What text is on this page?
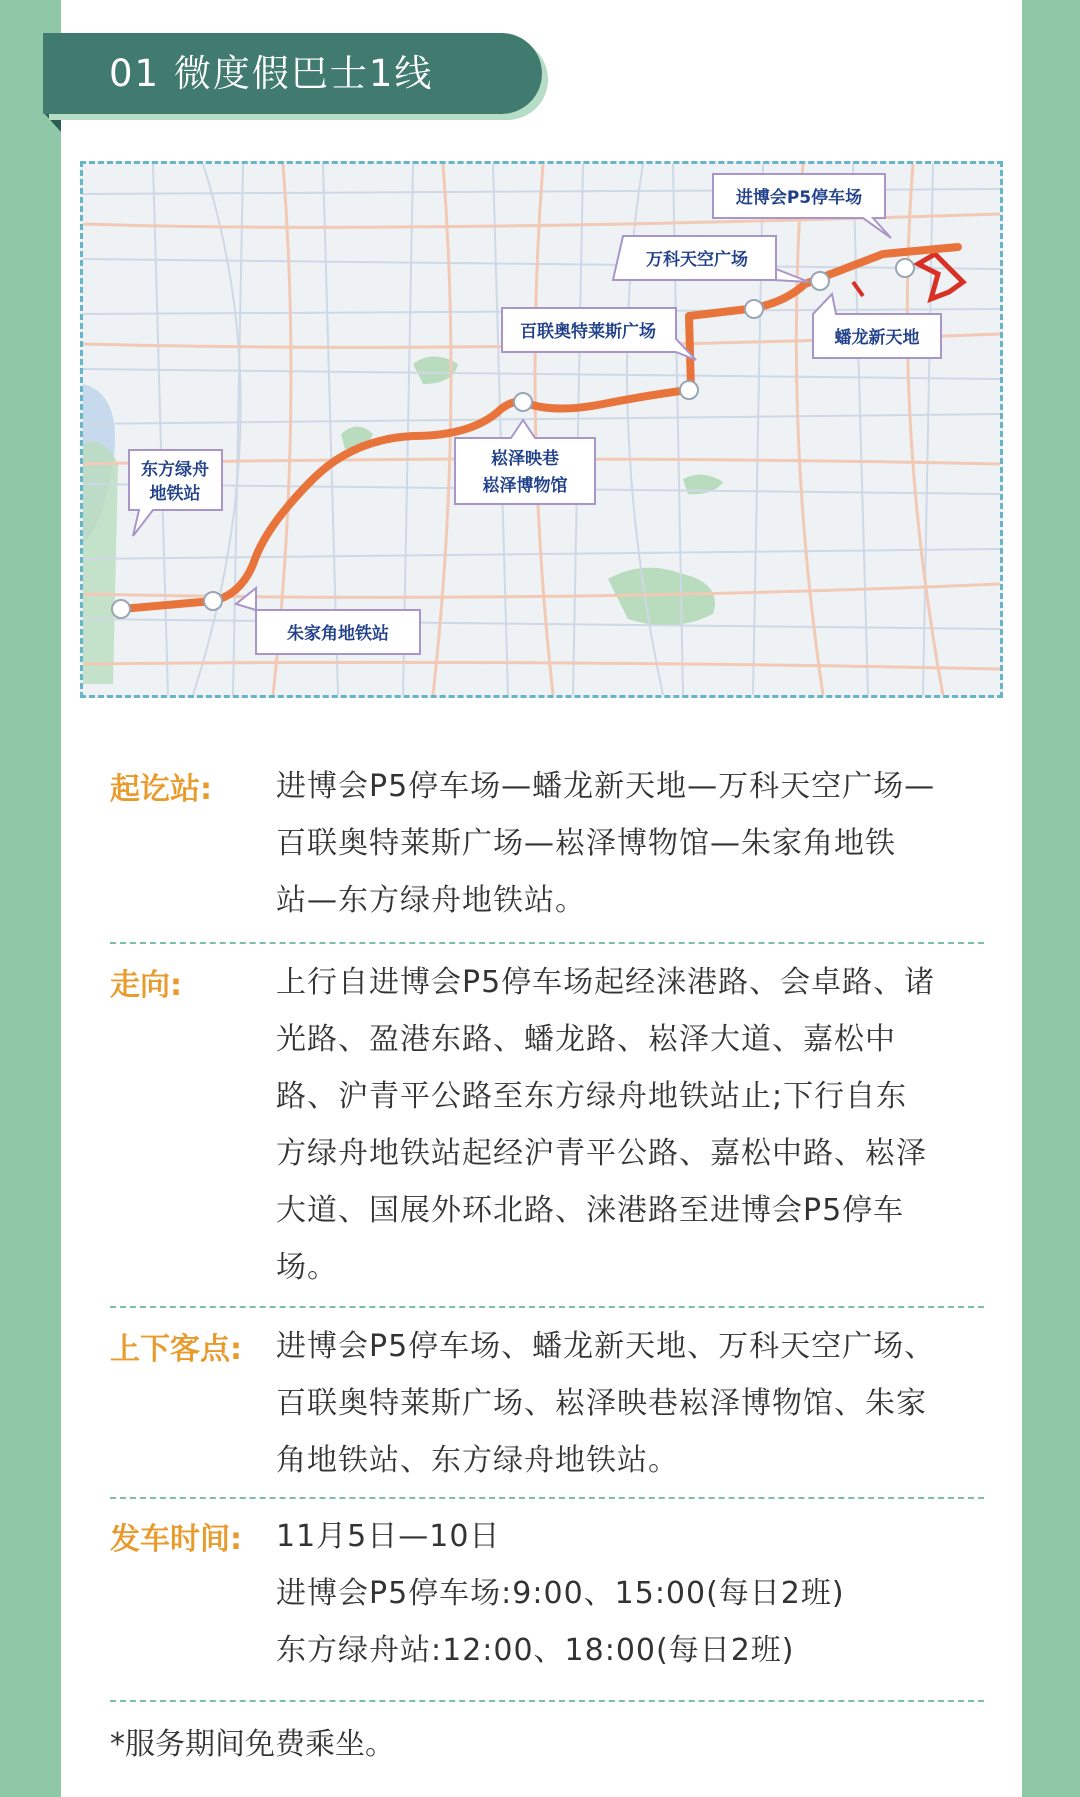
01 微度假巴士1线
进博会P5停车场
万科天空广场
百联奥特莱斯广场	蟠龙新天地
崧泽映巷
崧泽博物馆
东方绿舟
地铁站
朱家角地铁站
起讫站: 进博会P5停车场—蟠龙新天地—万科天空广场—
百联奥特莱斯广场—崧泽博物馆—朱家角地铁
站—东方绿舟地铁站。
走向:	上行自进博会P5停车场起经涞港路、会卓路、诸
光路、盈港东路、蟠龙路、崧泽大道、嘉松中
路、沪青平公路至东方绿舟地铁站止;下行自东
方绿舟地铁站起经沪青平公路、嘉松中路、崧泽
大道、国展外环北路、涞港路至进博会P5停车
场。
上下客点: 进博会P5停车场、蟠龙新天地、万科天空广场、
百联奥特莱斯广场、崧泽映巷崧泽博物馆、朱家
角地铁站、东方绿舟地铁站。
发车时间: 11月5日—10日
进博会P5停车场:9:00、15:00(每日2班)
东方绿舟站:12:00、18:00(每日2班)
*服务期间免费乘坐。
